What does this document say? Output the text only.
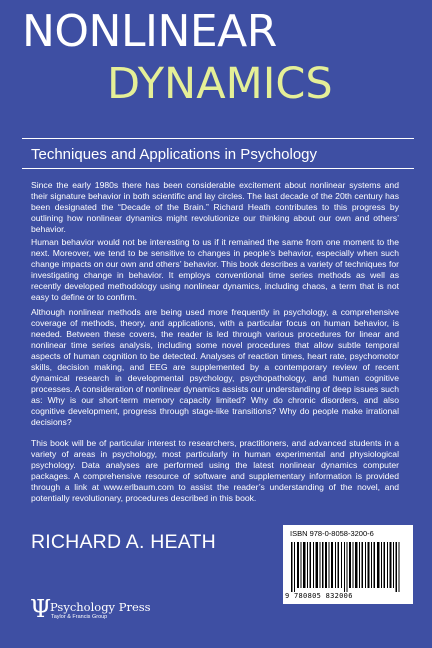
NONLINEAR
DYNAMICS
Techniques and Applications in Psychology

Since the early 1980s there has been considerable excitement about nonlinear systems and their signature behavior in both scientific and lay circles. The last decade of the 20th century has been designated the “Decade of the Brain.” Richard Heath contributes to this progress by outlining how nonlinear dynamics might revolutionize our thinking about our own and others’ behavior.

Human behavior would not be interesting to us if it remained the same from one moment to the next. Moreover, we tend to be sensitive to changes in people’s behavior, especially when such change impacts on our own and others’ behavior. This book describes a variety of techniques for investigating change in behavior. It employs conventional time series methods as well as recently developed methodology using nonlinear dynamics, including chaos, a term that is not easy to define or to confirm.

Although nonlinear methods are being used more frequently in psychology, a comprehensive coverage of methods, theory, and applications, with a particular focus on human behavior, is needed. Between these covers, the reader is led through various procedures for linear and nonlinear time series analysis, including some novel procedures that allow subtle temporal aspects of human cognition to be detected. Analyses of reaction times, heart rate, psychomotor skills, decision making, and EEG are supplemented by a contemporary review of recent dynamical research in developmental psychology, psychopathology, and human cognitive processes. A consideration of nonlinear dynamics assists our understanding of deep issues such as: Why is our short-term memory capacity limited? Why do chronic disorders, and also cognitive development, progress through stage-like transitions? Why do people make irrational decisions?

This book will be of particular interest to researchers, practitioners, and advanced students in a variety of areas in psychology, most particularly in human experimental and physiological psychology. Data analyses are performed using the latest nonlinear dynamics computer packages. A comprehensive resource of software and supplementary information is provided through a link at www.erlbaum.com to assist the reader’s understanding of the novel, and potentially revolutionary, procedures described in this book.

RICHARD A. HEATH	ISBN 978-0-8058-3200-6
9 780805 832006
Ψ
Psychology Press
Taylor & Francis Group
